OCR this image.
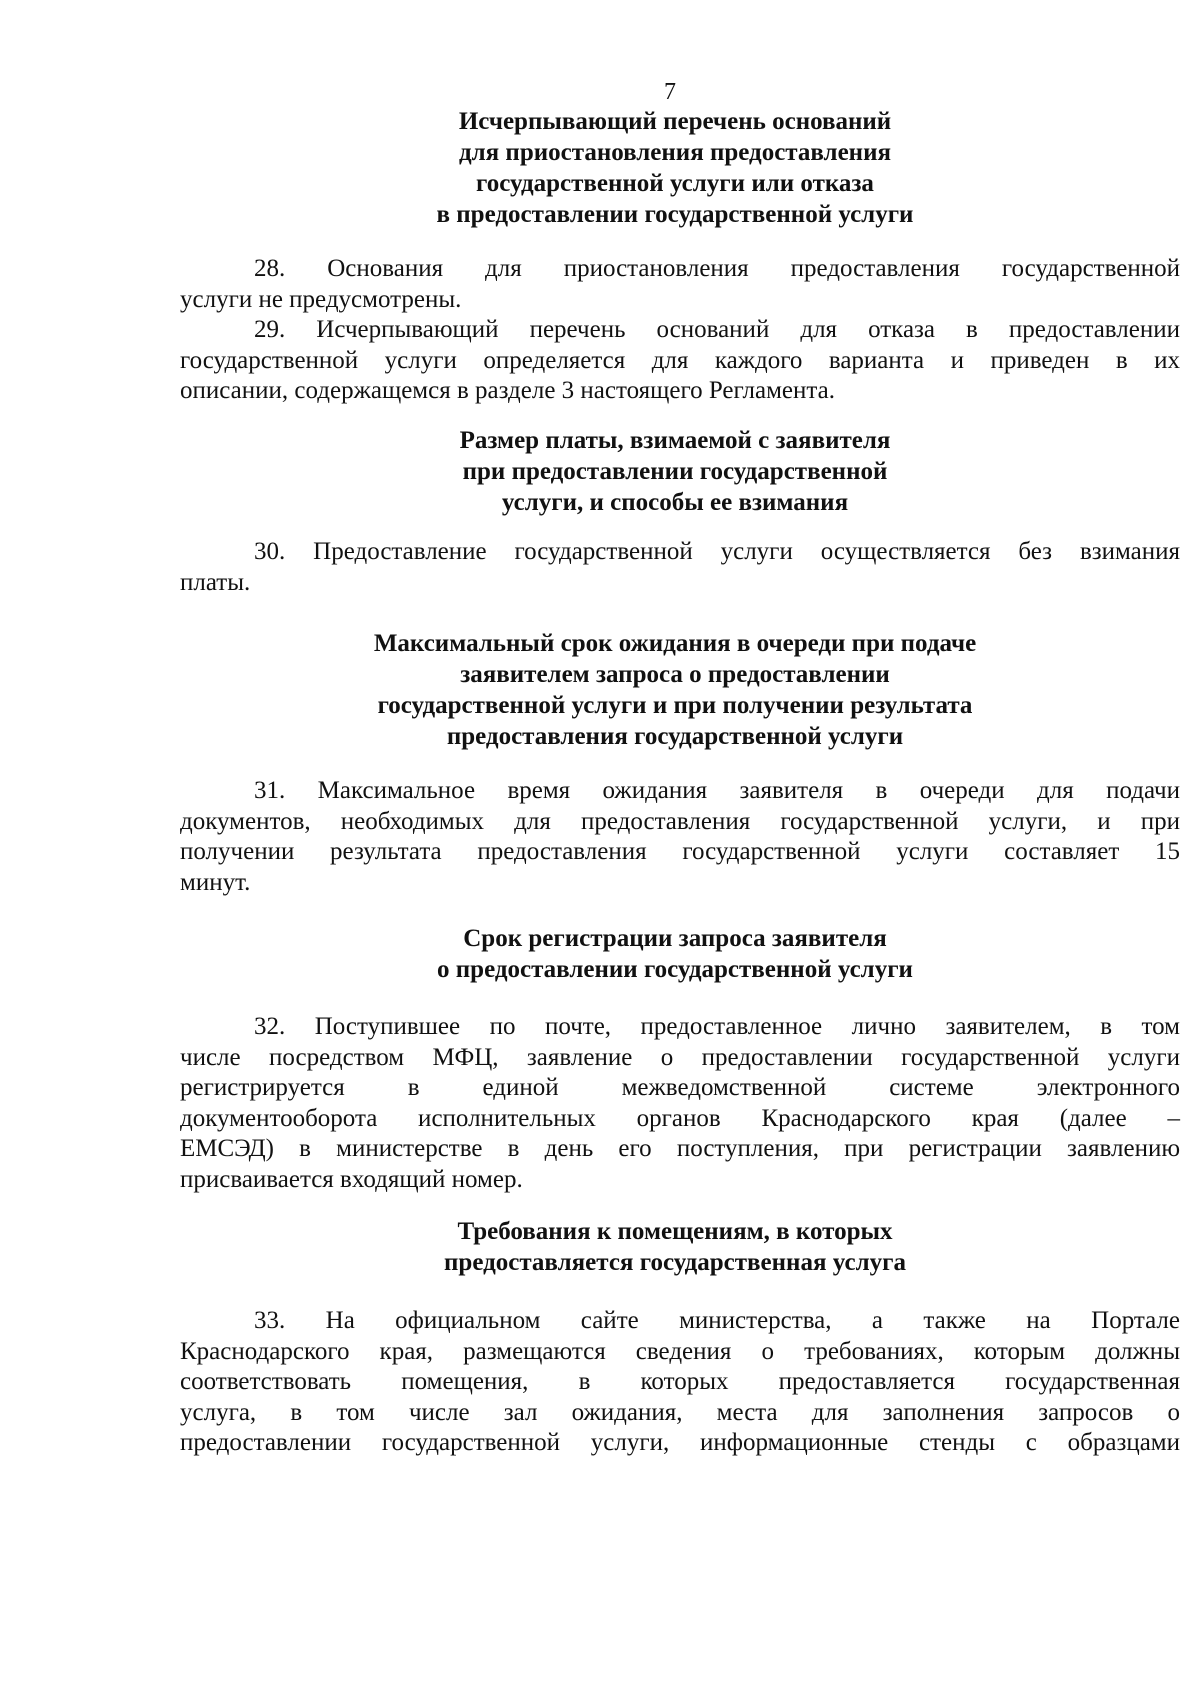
7
Исчерпывающий перечень оснований
для приостановления предоставления
государственной услуги или отказа
в предоставлении государственной услуги
28. Основания для приостановления предоставления государственной
услуги не предусмотрены.
29. Исчерпывающий перечень оснований для отказа в предоставлении
государственной услуги определяется для каждого варианта и приведен в их
описании, содержащемся в разделе 3 настоящего Регламента.
Размер платы, взимаемой с заявителя
при предоставлении государственной
услуги, и способы ее взимания
30. Предоставление государственной услуги осуществляется без взимания
платы.
Максимальный срок ожидания в очереди при подаче
заявителем запроса о предоставлении
государственной услуги и при получении результата
предоставления государственной услуги
31. Максимальное время ожидания заявителя в очереди для подачи
документов, необходимых для предоставления государственной услуги, и при
получении результата предоставления государственной услуги составляет 15
минут.
Срок регистрации запроса заявителя
о предоставлении государственной услуги
32. Поступившее по почте, предоставленное лично заявителем, в том
числе посредством МФЦ, заявление о предоставлении государственной услуги
регистрируется в единой межведомственной системе электронного
документооборота исполнительных органов Краснодарского края (далее –
ЕМСЭД) в министерстве в день его поступления, при регистрации заявлению
присваивается входящий номер.
Требования к помещениям, в которых
предоставляется государственная услуга
33. На официальном сайте министерства, а также на Портале
Краснодарского края, размещаются сведения о требованиях, которым должны
соответствовать помещения, в которых предоставляется государственная
услуга, в том числе зал ожидания, места для заполнения запросов о
предоставлении государственной услуги, информационные стенды с образцами
